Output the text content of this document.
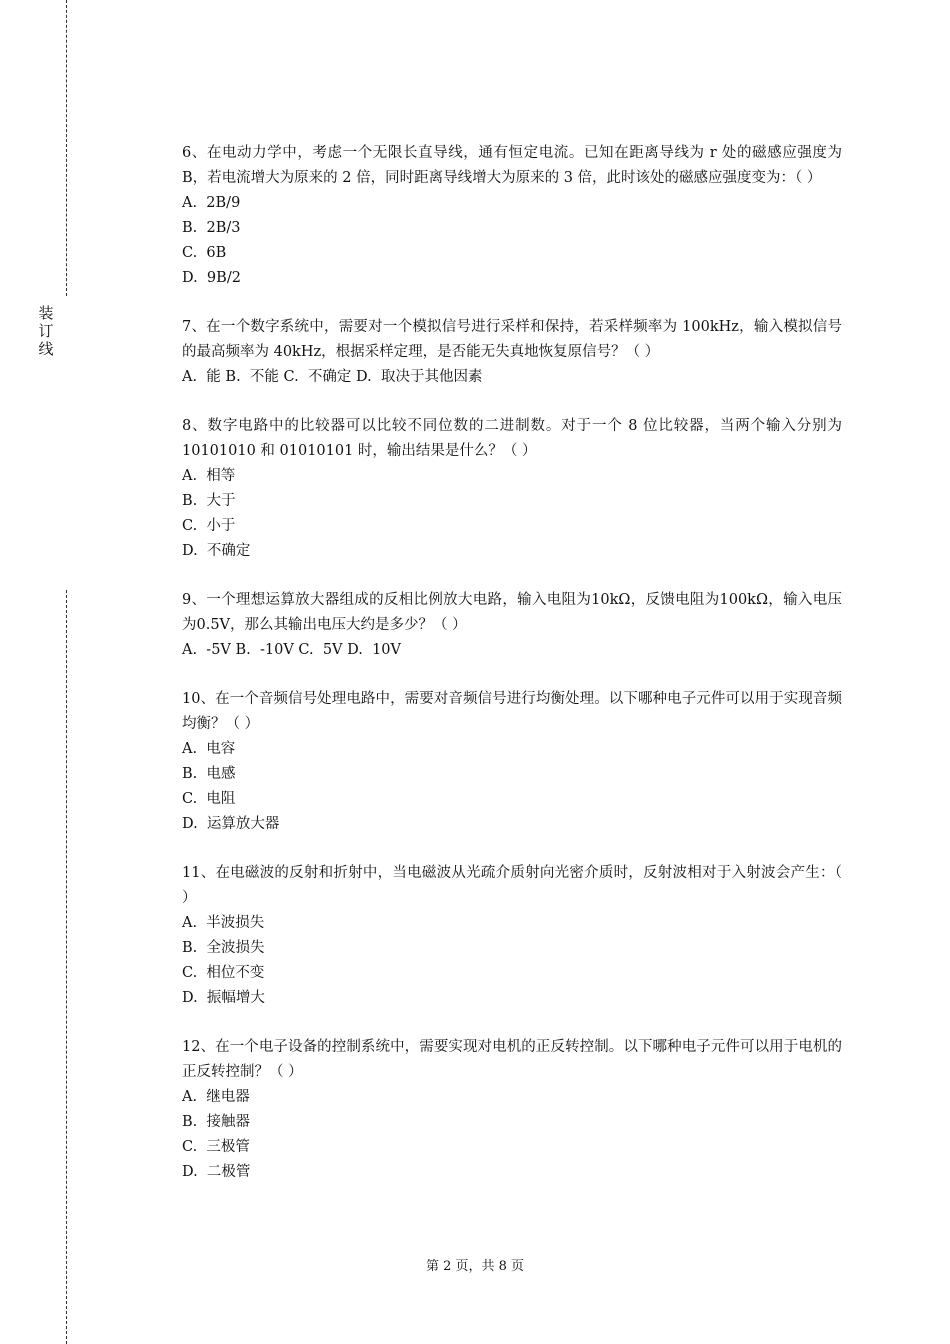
装
订
线

6、在电动力学中，考虑一个无限长直导线，通有恒定电流。已知在距离导线为 r 处的磁感应强度为 B，若电流增大为原来的 2 倍，同时距离导线增大为原来的 3 倍，此时该处的磁感应强度变为：（ ）

A.  2B/9

B.  2B/3

C.  6B

D.  9B/2

7、在一个数字系统中，需要对一个模拟信号进行采样和保持，若采样频率为 100kHz，输入模拟信号的最高频率为 40kHz，根据采样定理，是否能无失真地恢复原信号？（ ）

A.  能 B.  不能 C.  不确定 D.  取决于其他因素

8、数字电路中的比较器可以比较不同位数的二进制数。对于一个 8 位比较器，当两个输入分别为 10101010 和 01010101 时，输出结果是什么？（ ）

A.  相等

B.  大于

C.  小于

D.  不确定

9、一个理想运算放大器组成的反相比例放大电路，输入电阻为10kΩ，反馈电阻为100kΩ，输入电压为0.5V，那么其输出电压大约是多少？（ ）

A.  -5V B.  -10V C.  5V D.  10V

10、在一个音频信号处理电路中，需要对音频信号进行均衡处理。以下哪种电子元件可以用于实现音频均衡？（ ）

A.  电容

B.  电感

C.  电阻

D.  运算放大器

11、在电磁波的反射和折射中，当电磁波从光疏介质射向光密介质时，反射波相对于入射波会产生：（ ）

A.  半波损失

B.  全波损失

C.  相位不变

D.  振幅增大

12、在一个电子设备的控制系统中，需要实现对电机的正反转控制。以下哪种电子元件可以用于电机的正反转控制？（ ）

A.  继电器

B.  接触器

C.  三极管

D.  二极管

第 2 页，共 8 页
